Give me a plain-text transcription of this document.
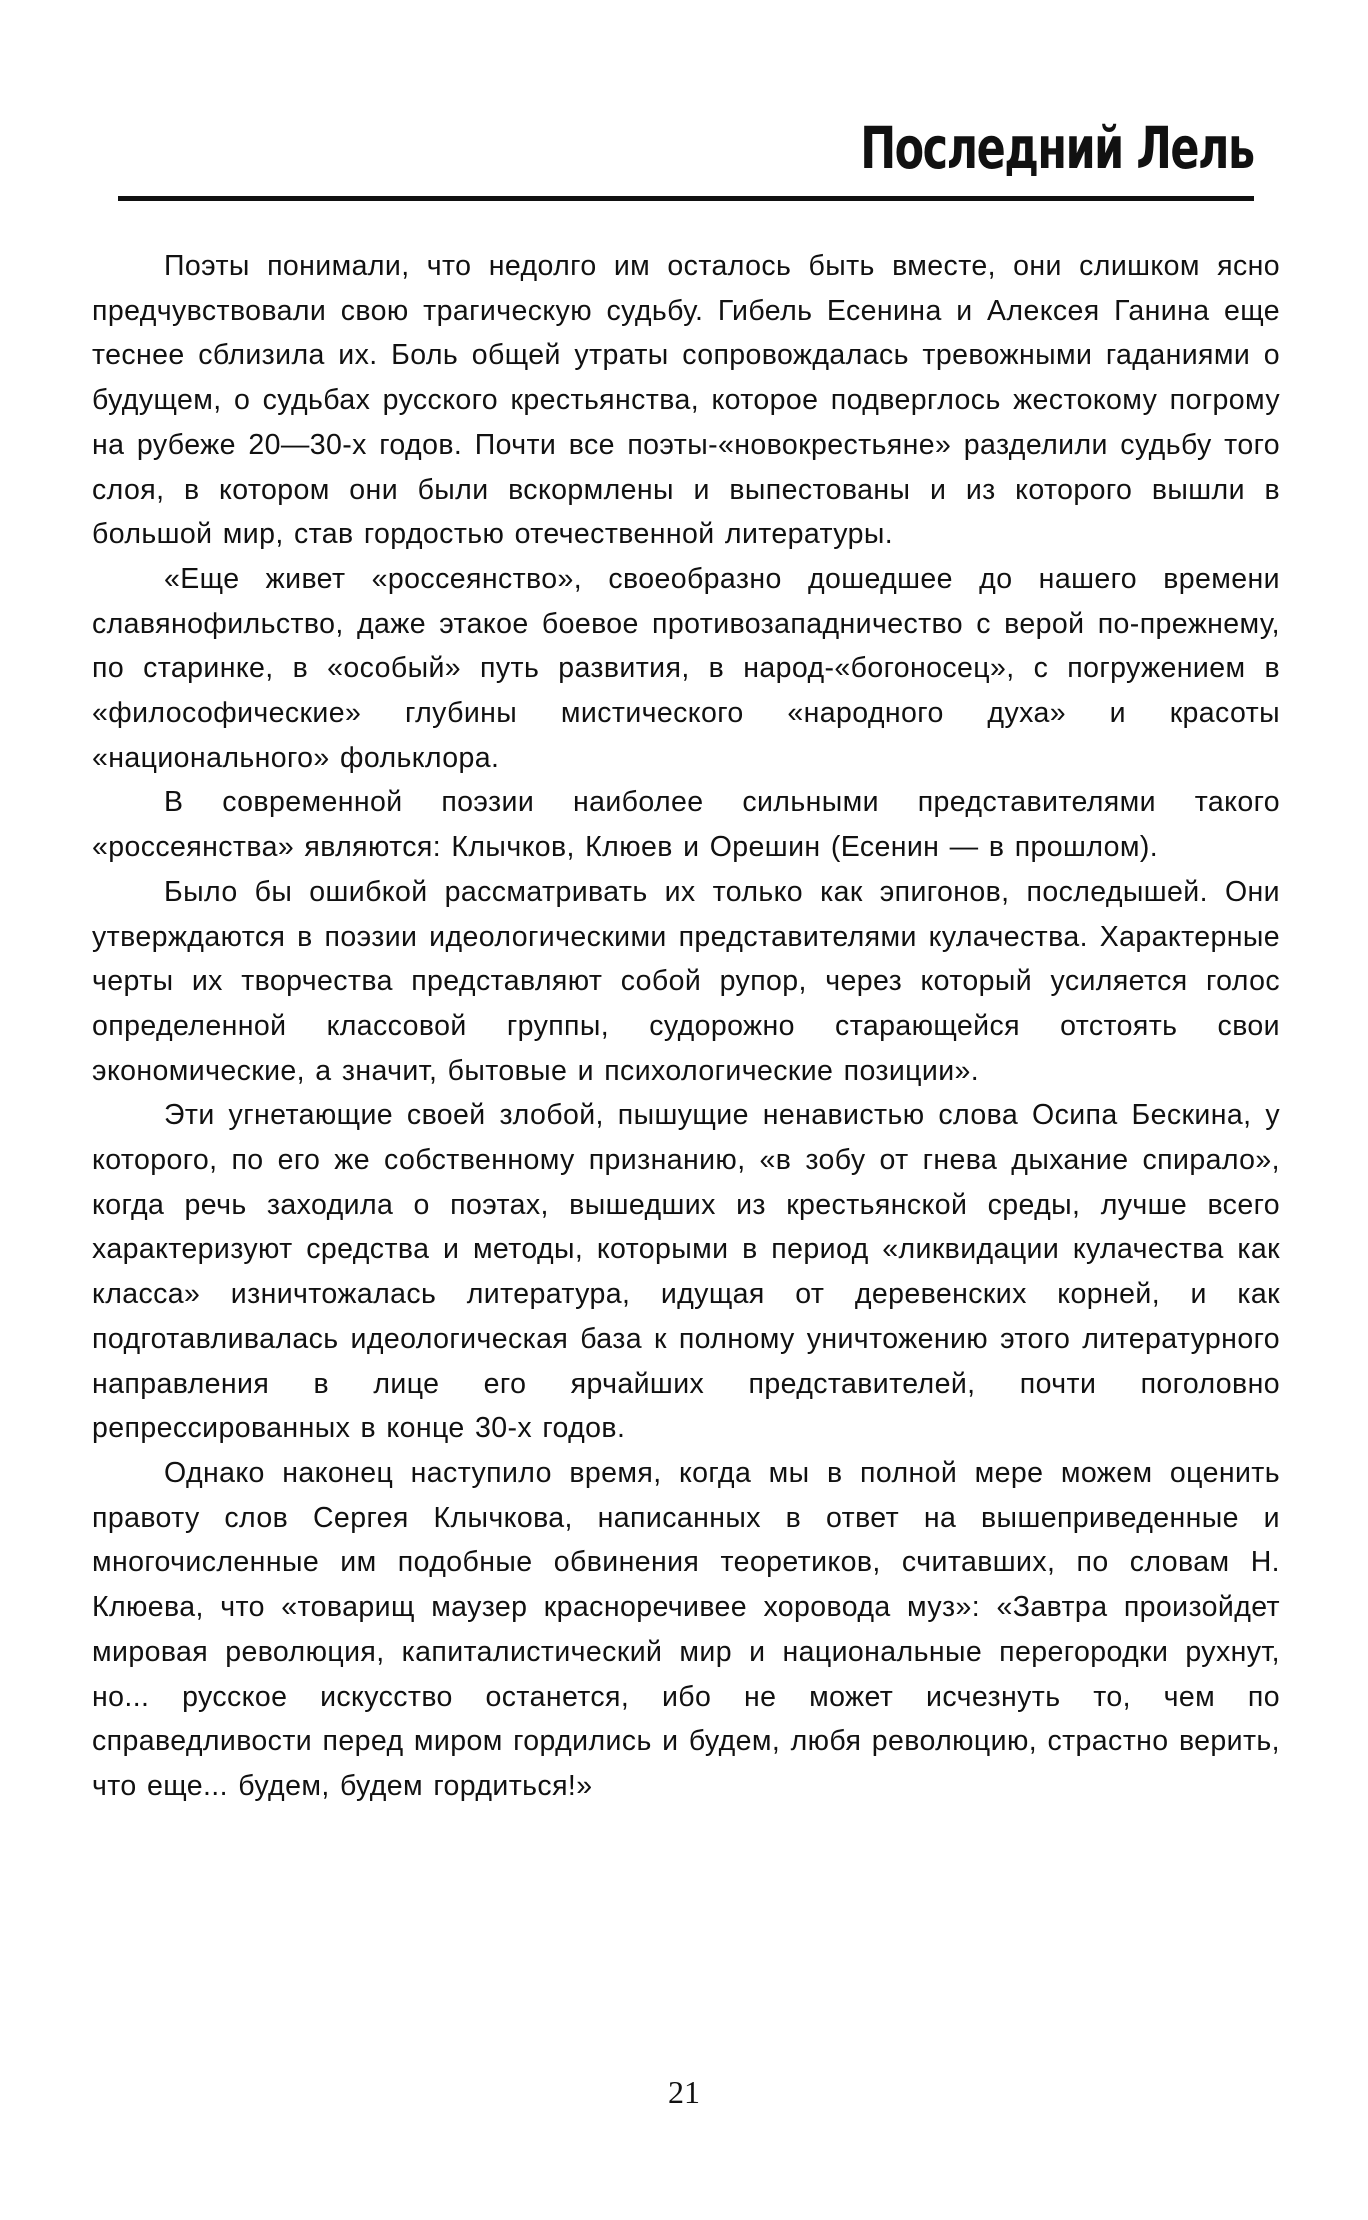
Последний Лель

Поэты понимали, что недолго им осталось быть вместе, они слишком ясно предчувствовали свою трагическую судьбу. Гибель Есенина и Алексея Ганина еще теснее сблизила их. Боль общей утраты сопровождалась тревожными гаданиями о будущем, о судьбах русского крестьянства, которое подверглось жестокому погрому на рубеже 20—30-х годов. Почти все поэты-«новокрестьяне» разделили судьбу того слоя, в котором они были вскормлены и выпестованы и из которого вышли в большой мир, став гордостью отечественной литературы.

«Еще живет «россеянство», своеобразно дошедшее до нашего времени славянофильство, даже этакое боевое противозападничество с верой по-прежнему, по старинке, в «особый» путь развития, в народ-«богоносец», с погружением в «философические» глубины мистического «народного духа» и красоты «национального» фольклора.

В современной поэзии наиболее сильными представителями такого «россеянства» являются: Клычков, Клюев и Орешин (Есенин — в прошлом).

Было бы ошибкой рассматривать их только как эпигонов, последышей. Они утверждаются в поэзии идеологическими представителями кулачества. Характерные черты их творчества представляют собой рупор, через который усиляется голос определенной классовой группы, судорожно старающейся отстоять свои экономические, а значит, бытовые и психологические позиции».

Эти угнетающие своей злобой, пышущие ненавистью слова Осипа Бескина, у которого, по его же собственному признанию, «в зобу от гнева дыхание спирало», когда речь заходила о поэтах, вышедших из крестьянской среды, лучше всего характеризуют средства и методы, которыми в период «ликвидации кулачества как класса» изничтожалась литература, идущая от деревенских корней, и как подготавливалась идеологическая база к полному уничтожению этого литературного направления в лице его ярчайших представителей, почти поголовно репрессированных в конце 30-х годов.

Однако наконец наступило время, когда мы в полной мере можем оценить правоту слов Сергея Клычкова, написанных в ответ на вышеприведенные и многочисленные им подобные обвинения теоретиков, считавших, по словам Н. Клюева, что «товарищ маузер красноречивее хоровода муз»: «Завтра произойдет мировая революция, капиталистический мир и национальные перегородки рухнут, но... русское искусство останется, ибо не может исчезнуть то, чем по справедливости перед миром гордились и будем, любя революцию, страстно верить, что еще... будем, будем гордиться!»

21
